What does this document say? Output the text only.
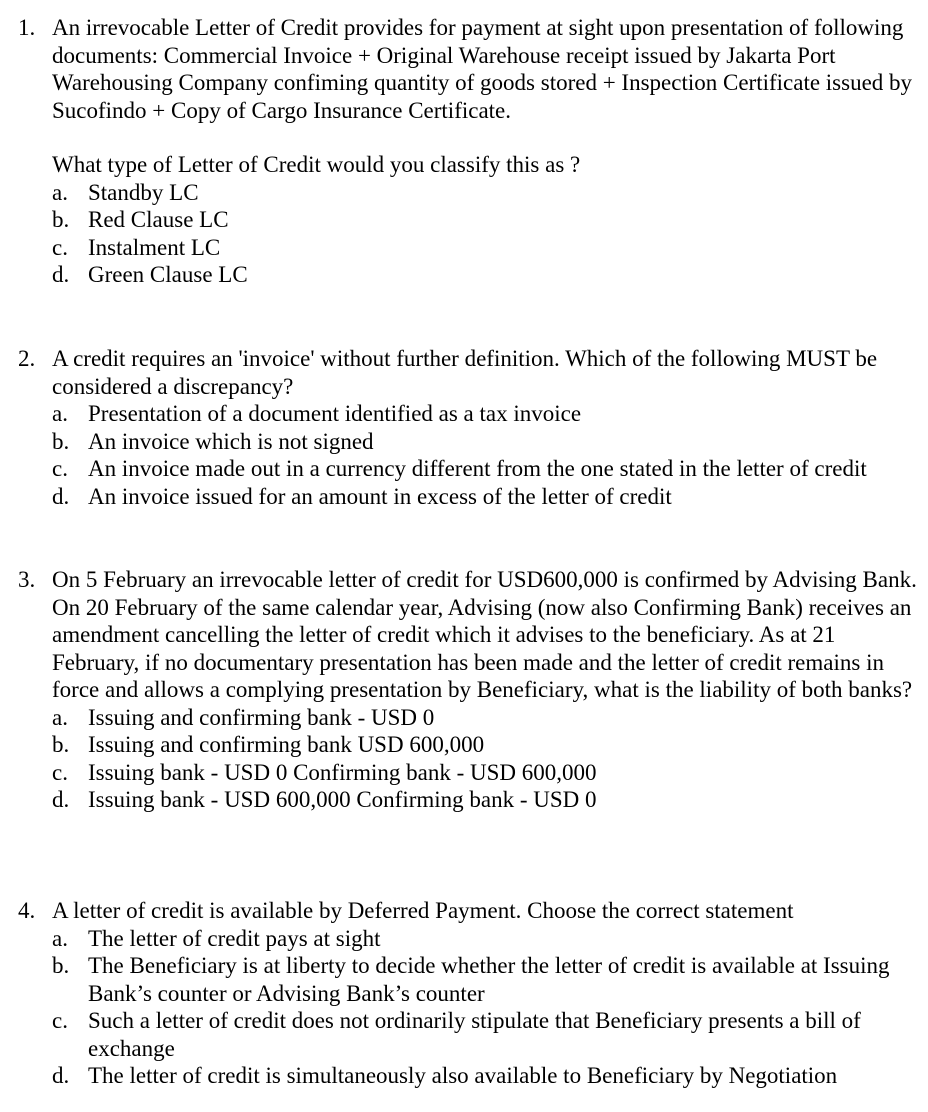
1. An irrevocable Letter of Credit provides for payment at sight upon presentation of following documents: Commercial Invoice + Original Warehouse receipt issued by Jakarta Port Warehousing Company confiming quantity of goods stored + Inspection Certificate issued by Sucofindo + Copy of Cargo Insurance Certificate.
What type of Letter of Credit would you classify this as ?
a. Standby LC
b. Red Clause LC
c. Instalment LC
d. Green Clause LC
2. A credit requires an 'invoice' without further definition. Which of the following MUST be considered a discrepancy?
a. Presentation of a document identified as a tax invoice
b. An invoice which is not signed
c. An invoice made out in a currency different from the one stated in the letter of credit
d. An invoice issued for an amount in excess of the letter of credit
3. On 5 February an irrevocable letter of credit for USD600,000 is confirmed by Advising Bank. On 20 February of the same calendar year, Advising (now also Confirming Bank) receives an amendment cancelling the letter of credit which it advises to the beneficiary. As at 21 February, if no documentary presentation has been made and the letter of credit remains in force and allows a complying presentation by Beneficiary, what is the liability of both banks?
a. Issuing and confirming bank - USD 0
b. Issuing and confirming bank USD 600,000
c. Issuing bank - USD 0 Confirming bank - USD 600,000
d. Issuing bank - USD 600,000 Confirming bank - USD 0
4. A letter of credit is available by Deferred Payment. Choose the correct statement
a. The letter of credit pays at sight
b. The Beneficiary is at liberty to decide whether the letter of credit is available at Issuing Bank’s counter or Advising Bank’s counter
c. Such a letter of credit does not ordinarily stipulate that Beneficiary presents a bill of exchange
d. The letter of credit is simultaneously also available to Beneficiary by Negotiation
